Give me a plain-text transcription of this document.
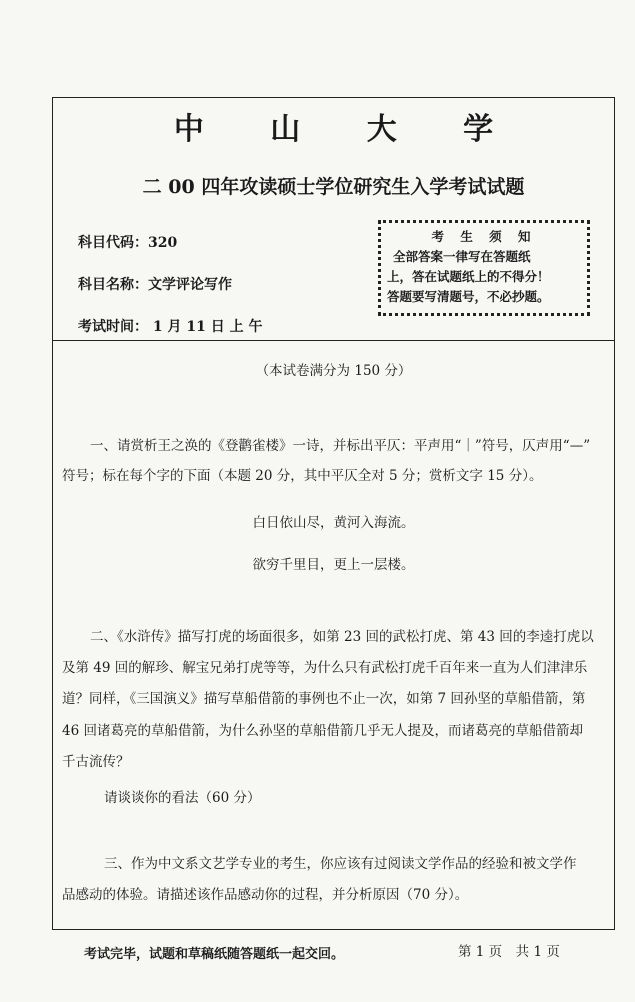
中 山 大 学
二 00 四年攻读硕士学位研究生入学考试试题
科目代码：320
科目名称：文学评论写作
考试时间： 1 月 11 日 上 午
考 生 须 知
全部答案一律写在答题纸
上，答在试题纸上的不得分！
答题要写清题号，不必抄题。
（本试卷满分为 150 分）
一、请赏析王之涣的《登鹳雀楼》一诗，并标出平仄：平声用“｜”符号，仄声用“—”
符号；标在每个字的下面（本题 20 分，其中平仄全对 5 分；赏析文字 15 分）。
白日依山尽，黄河入海流。
欲穷千里目，更上一层楼。
二、《水浒传》描写打虎的场面很多，如第 23 回的武松打虎、第 43 回的李逵打虎以
及第 49 回的解珍、解宝兄弟打虎等等，为什么只有武松打虎千百年来一直为人们津津乐
道？同样，《三国演义》描写草船借箭的事例也不止一次，如第 7 回孙坚的草船借箭，第
46 回诸葛亮的草船借箭，为什么孙坚的草船借箭几乎无人提及，而诸葛亮的草船借箭却
千古流传？
请谈谈你的看法（60 分）
三、作为中文系文艺学专业的考生，你应该有过阅读文学作品的经验和被文学作
品感动的体验。请描述该作品感动你的过程，并分析原因（70 分）。
考试完毕，试题和草稿纸随答题纸一起交回。	第 1 页　共 1 页
